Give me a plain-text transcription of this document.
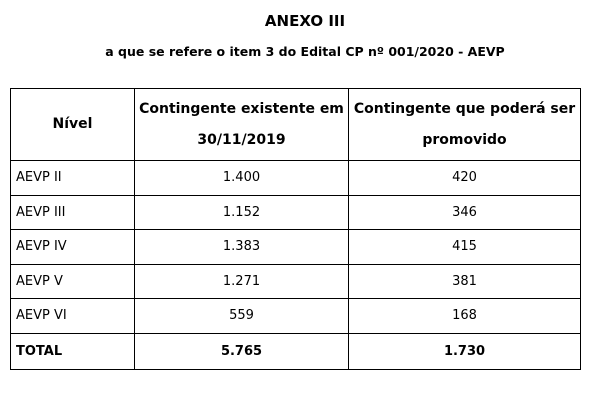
ANEXO III
a que se refere o item 3 do Edital CP nº 001/2020 - AEVP
Nível	Contingente existente em 30/11/2019	Contingente que poderá ser promovido
AEVP II	1.400	420
AEVP III	1.152	346
AEVP IV	1.383	415
AEVP V	1.271	381
AEVP VI	559	168
TOTAL	5.765	1.730
